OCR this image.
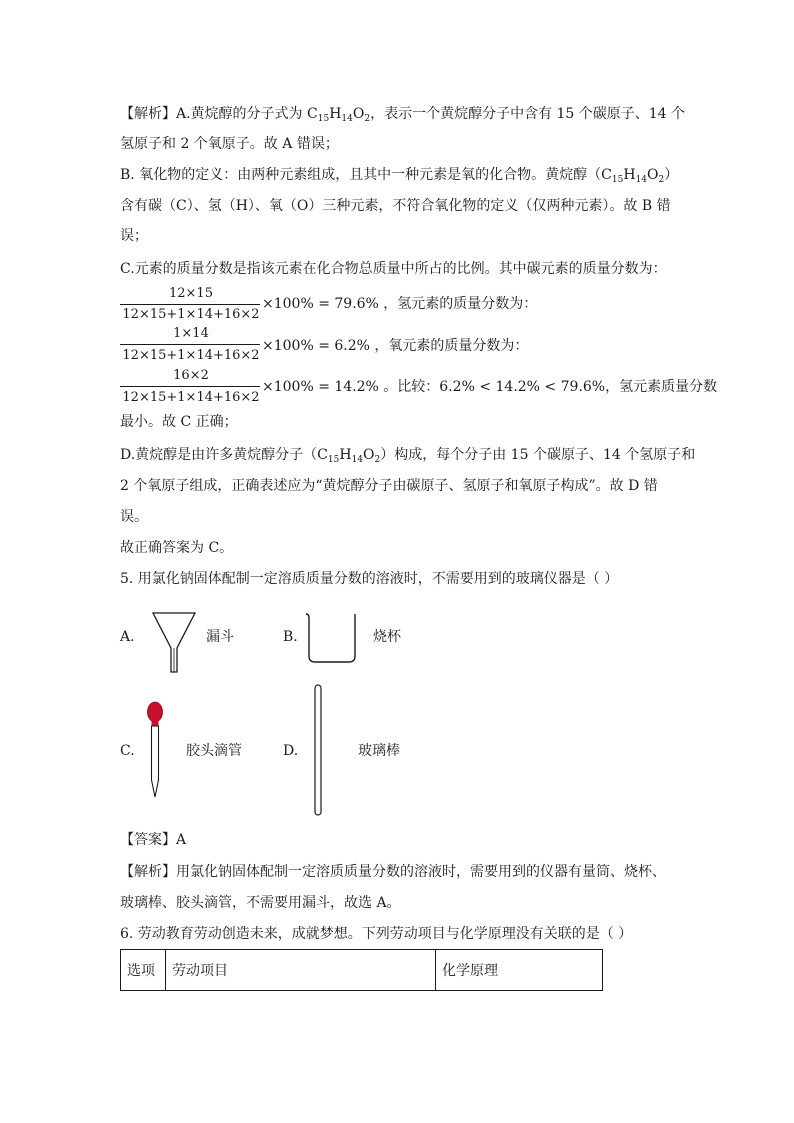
【解析】A.黄烷醇的分子式为 $C_{15}H_{14}O_2$，表示一个黄烷醇分子中含有 15 个碳原子、14 个
氢原子和 2 个氧原子。故 A 错误；
B. 氧化物的定义：由两种元素组成，且其中一种元素是氧的化合物。黄烷醇$(C_{15}H_{14}O_2)$
含有碳（C）、氢（H）、氧（O）三种元素，不符合氧化物的定义（仅两种元素）。故 B 错
误；
C.元素的质量分数是指该元素在化合物总质量中所占的比例。其中碳元素的质量分数为：
12×15
12×15+1×14+16×2
×100% = 79.6% ，氢元素的质量分数为：
1×14
12×15+1×14+16×2
×100% = 6.2% ，氧元素的质量分数为：
16×2
12×15+1×14+16×2
×100% = 14.2% 。比较：6.2% < 14.2% < 79.6%，氢元素质量分数
最小。故 C 正确；
D.黄烷醇是由许多黄烷醇分子$(C_{15}H_{14}O_2)$构成，每个分子由 15 个碳原子、14 个氢原子和
2 个氧原子组成，正确表述应为“黄烷醇分子由碳原子、氢原子和氧原子构成”。故 D 错
误。
故正确答案为 C。
5. 用氯化钠固体配制一定溶质质量分数的溶液时，不需要用到的玻璃仪器是（ ）
A.	漏斗	B.	烧杯
C.	胶头滴管	D.	玻璃棒
【答案】A
【解析】用氯化钠固体配制一定溶质质量分数的溶液时，需要用到的仪器有量筒、烧杯、
玻璃棒、胶头滴管，不需要用漏斗，故选 A。
6. 劳动教育劳动创造未来，成就梦想。下列劳动项目与化学原理没有关联的是（ ）
选项	劳动项目	化学原理
